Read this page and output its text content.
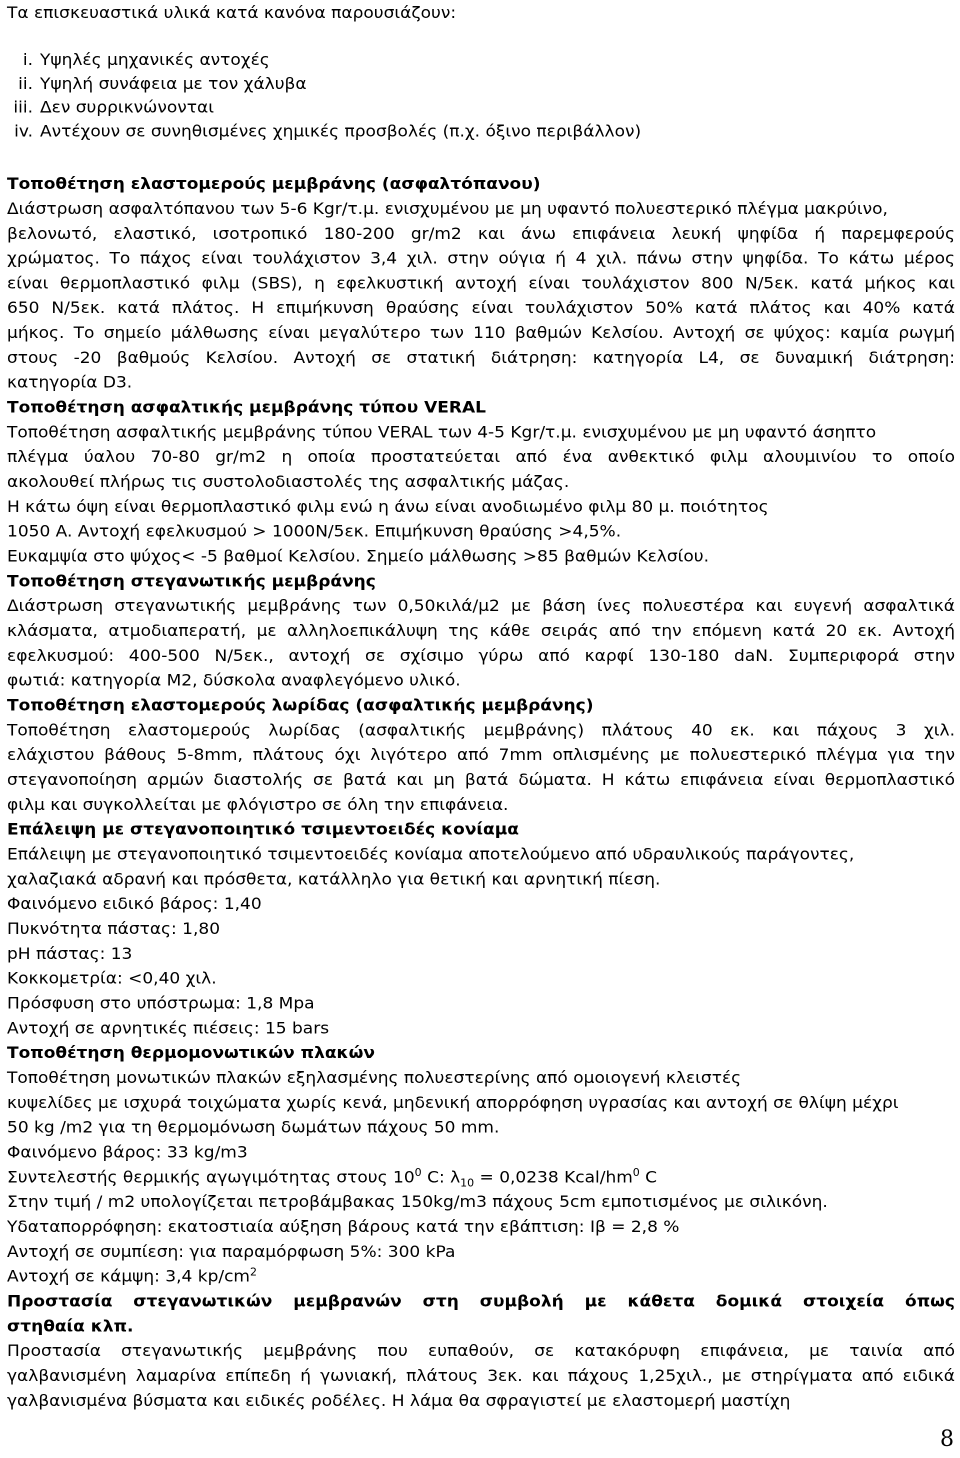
Τα επισκευαστικά υλικά κατά κανόνα παρουσιάζουν:
i. Υψηλές μηχανικές αντοχές
ii. Υψηλή συνάφεια με τον χάλυβα
iii. Δεν συρρικνώνονται
iv. Αντέχουν σε συνηθισμένες χημικές προσβολές (π.χ. όξινο περιβάλλον)
Τοποθέτηση ελαστομερούς μεμβράνης (ασφαλτόπανου)
Διάστρωση ασφαλτόπανου των 5-6 Kgr/τ.μ. ενισχυμένου με μη υφαντό πολυεστερικό πλέγμα μακρύινο,
βελονωτό, ελαστικό, ισοτροπικό 180-200 gr/m2 και άνω επιφάνεια λευκή ψηφίδα ή παρεμφερούς
χρώματος. Το πάχος είναι τουλάχιστον 3,4 χιλ. στην ούγια ή 4 χιλ. πάνω στην ψηφίδα. Το κάτω μέρος
είναι θερμοπλαστικό φιλμ (SBS), η εφελκυστική αντοχή είναι τουλάχιστον 800 N/5εκ. κατά μήκος και
650 N/5εκ. κατά πλάτος. Η επιμήκυνση θραύσης είναι τουλάχιστον 50% κατά πλάτος και 40% κατά
μήκος. Το σημείο μάλθωσης είναι μεγαλύτερο των 110 βαθμών Κελσίου. Αντοχή σε ψύχος: καμία ρωγμή
στους -20 βαθμούς Κελσίου. Αντοχή σε στατική διάτρηση: κατηγορία L4, σε δυναμική διάτρηση:
κατηγορία D3.
Τοποθέτηση ασφαλτικής μεμβράνης τύπου VERAL
Τοποθέτηση ασφαλτικής μεμβράνης τύπου VERAL των 4-5 Kgr/τ.μ. ενισχυμένου με μη υφαντό άσηπτο
πλέγμα ύαλου 70-80 gr/m2 η οποία προστατεύεται από ένα ανθεκτικό φιλμ αλουμινίου το οποίο
ακολουθεί πλήρως τις συστολοδιαστολές της ασφαλτικής μάζας.
Η κάτω όψη είναι θερμοπλαστικό φιλμ ενώ η άνω είναι ανοδιωμένο φιλμ 80 μ. ποιότητος
1050 A. Αντοχή εφελκυσμού > 1000N/5εκ. Επιμήκυνση θραύσης >4,5%.
Ευκαμψία στο ψύχος< -5 βαθμοί Κελσίου. Σημείο μάλθωσης >85 βαθμών Κελσίου.
Τοποθέτηση στεγανωτικής μεμβράνης
Διάστρωση στεγανωτικής μεμβράνης των 0,50κιλά/μ2 με βάση ίνες πολυεστέρα και ευγενή ασφαλτικά
κλάσματα, ατμοδιαπερατή, με αλληλοεπικάλυψη της κάθε σειράς από την επόμενη κατά 20 εκ. Αντοχή
εφελκυσμού: 400-500 N/5εκ., αντοχή σε σχίσιμο γύρω από καρφί 130-180 daN. Συμπεριφορά στην
φωτιά: κατηγορία M2, δύσκολα αναφλεγόμενο υλικό.
Τοποθέτηση ελαστομερούς λωρίδας (ασφαλτικής μεμβράνης)
Τοποθέτηση ελαστομερούς λωρίδας (ασφαλτικής μεμβράνης) πλάτους 40 εκ. και πάχους 3 χιλ.
ελάχιστου βάθους 5-8mm, πλάτους όχι λιγότερο από 7mm οπλισμένης με πολυεστερικό πλέγμα για την
στεγανοποίηση αρμών διαστολής σε βατά και μη βατά δώματα. Η κάτω επιφάνεια είναι θερμοπλαστικό
φιλμ και συγκολλείται με φλόγιστρο σε όλη την επιφάνεια.
Επάλειψη με στεγανοποιητικό τσιμεντοειδές κονίαμα
Επάλειψη με στεγανοποιητικό τσιμεντοειδές κονίαμα αποτελούμενο από υδραυλικούς παράγοντες,
χαλαζιακά αδρανή και πρόσθετα, κατάλληλο για θετική και αρνητική πίεση.
Φαινόμενο ειδικό βάρος: 1,40
Πυκνότητα πάστας: 1,80
pH πάστας: 13
Κοκκομετρία: <0,40 χιλ.
Πρόσφυση στο υπόστρωμα: 1,8 Mpa
Αντοχή σε αρνητικές πιέσεις: 15 bars
Τοποθέτηση θερμομονωτικών πλακών
Τοποθέτηση μονωτικών πλακών εξηλασμένης πολυεστερίνης από ομοιογενή κλειστές
κυψελίδες με ισχυρά τοιχώματα χωρίς κενά, μηδενική απορρόφηση υγρασίας και αντοχή σε θλίψη μέχρι
50 kg /m2 για τη θερμομόνωση δωμάτων πάχους 50 mm.
Φαινόμενο βάρος: 33 kg/m3
Συντελεστής θερμικής αγωγιμότητας στους $10^0$ C: $\lambda_{10} = 0,0238$ Kcal/$hm^0$ C
Στην τιμή / m2 υπολογίζεται πετροβάμβακας 150kg/m3 πάχους 5cm εμποτισμένος με σιλικόνη.
Υδαταπορρόφηση: εκατοστιαία αύξηση βάρους κατά την εβάπτιση: Ιβ = 2,8 %
Αντοχή σε συμπίεση: για παραμόρφωση 5%: 300 kPa
Αντοχή σε κάμψη: 3,4 $kp/cm^2$
Προστασία στεγανωτικών μεμβρανών στη συμβολή με κάθετα δομικά στοιχεία όπως
στηθαία κλπ.
Προστασία στεγανωτικής μεμβράνης που ευπαθούν, σε κατακόρυφη επιφάνεια, με ταινία από
γαλβανισμένη λαμαρίνα επίπεδη ή γωνιακή, πλάτους 3εκ. και πάχους 1,25χιλ., με στηρίγματα από ειδικά
γαλβανισμένα βύσματα και ειδικές ροδέλες. Η λάμα θα σφραγιστεί με ελαστομερή μαστίχη
8
